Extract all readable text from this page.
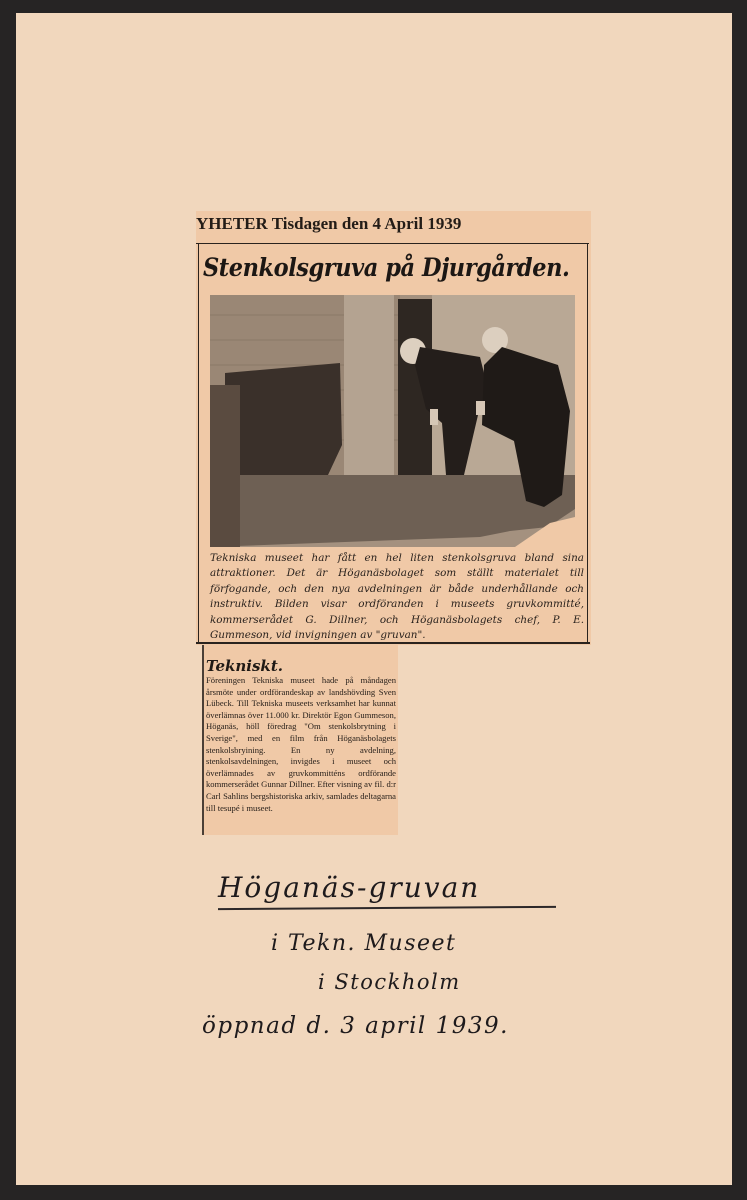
YHETER Tisdagen den 4 April 1939
Stenkolsgruva på Djurgården.
Tekniska museet har fått en hel liten stenkolsgruva bland sina attraktioner. Det är Höganäsbolaget som ställt materialet till förfogande, och den nya avdelningen är både underhållande och instruktiv. Bilden visar ordföranden i museets gruvkommitté, kommerserådet G. Dillner, och Höganäsbolagets chef, P. E. Gummeson, vid invigningen av "gruvan".
Tekniskt.
Föreningen Tekniska museet hade på måndagen årsmöte under ordförandeskap av landshövding Sven Lübeck. Till Tekniska museets verksamhet har kunnat överlämnas över 11.000 kr. Direktör Egon Gummeson, Höganäs, höll föredrag "Om stenkolsbrytning i Sverige", med en film från Höganäsbolagets stenkolsbryining. En ny avdelning, stenkolsavdelningen, invigdes i museet och överlämnades av gruvkommitténs ordförande kommerserådet Gunnar Dillner. Efter visning av fil. d:r Carl Sahlins bergshistoriska arkiv, samlades deltagarna till tesupé i museet.
Höganäs-gruvan
i Tekn. Museet
i Stockholm
öppnad d. 3 april 1939.
